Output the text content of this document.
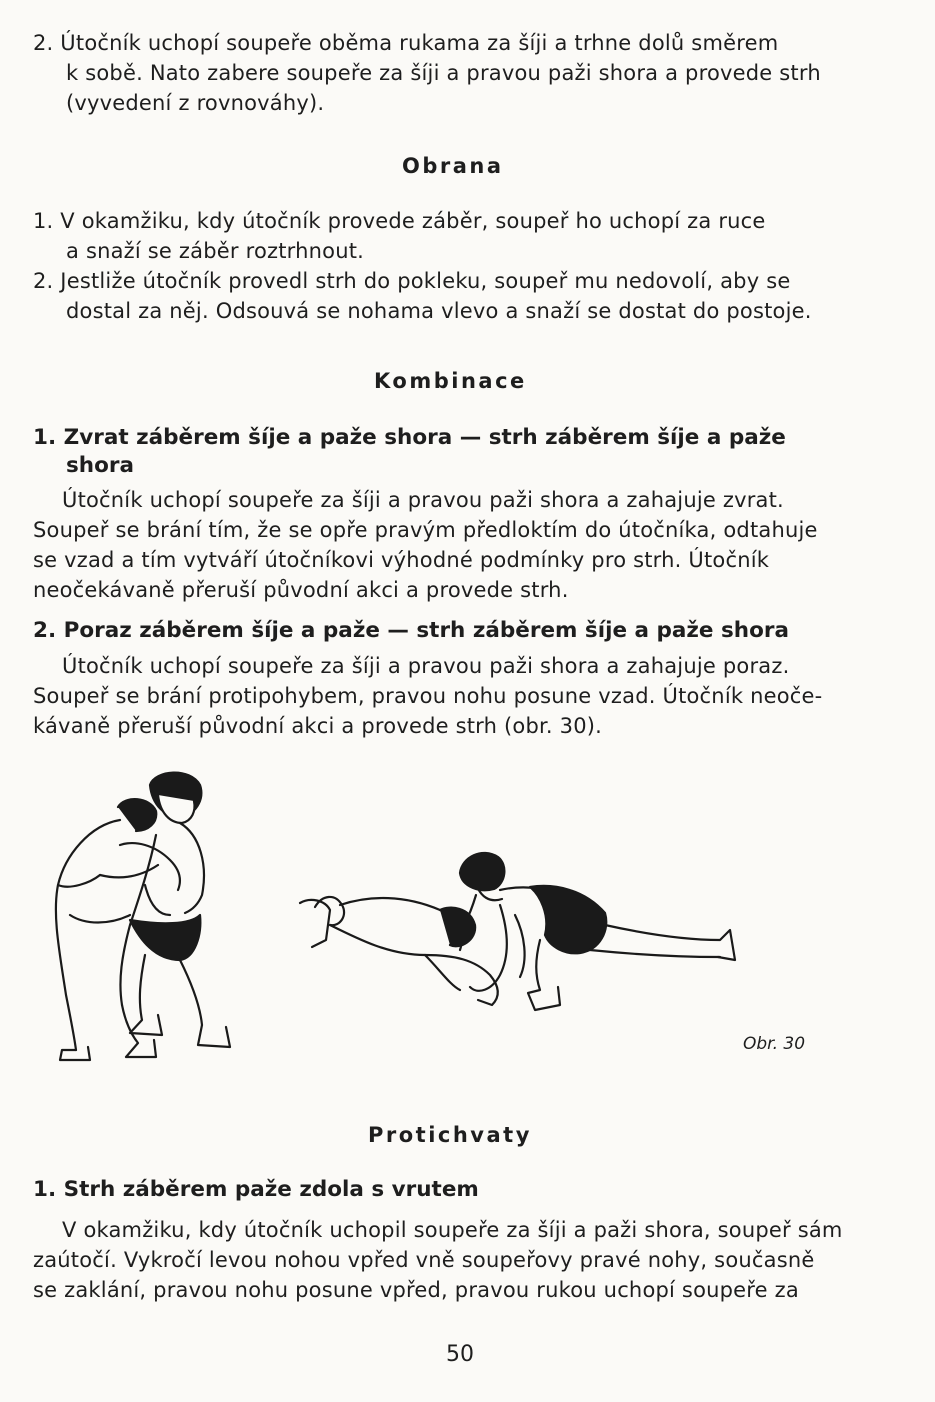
2. Útočník uchopí soupeře oběma rukama za šíji a trhne dolů směrem
k sobě. Nato zabere soupeře za šíji a pravou paži shora a provede strh
(vyvedení z rovnováhy).
Obrana
1. V okamžiku, kdy útočník provede záběr, soupeř ho uchopí za ruce
a snaží se záběr roztrhnout.
2. Jestliže útočník provedl strh do pokleku, soupeř mu nedovolí, aby se
dostal za něj. Odsouvá se nohama vlevo a snaží se dostat do postoje.
Kombinace
1. Zvrat záběrem šíje a paže shora — strh záběrem šíje a paže
shora
Útočník uchopí soupeře za šíji a pravou paži shora a zahajuje zvrat.
Soupeř se brání tím, že se opře pravým předloktím do útočníka, odtahuje
se vzad a tím vytváří útočníkovi výhodné podmínky pro strh. Útočník
neočekávaně přeruší původní akci a provede strh.
2. Poraz záběrem šíje a paže — strh záběrem šíje a paže shora
Útočník uchopí soupeře za šíji a pravou paži shora a zahajuje poraz.
Soupeř se brání protipohybem, pravou nohu posune vzad. Útočník neoče-
kávaně přeruší původní akci a provede strh (obr. 30).
Obr. 30
Protichvaty
1. Strh záběrem paže zdola s vrutem
V okamžiku, kdy útočník uchopil soupeře za šíji a paži shora, soupeř sám
zaútočí. Vykročí levou nohou vpřed vně soupeřovy pravé nohy, současně
se zaklání, pravou nohu posune vpřed, pravou rukou uchopí soupeře za
50
